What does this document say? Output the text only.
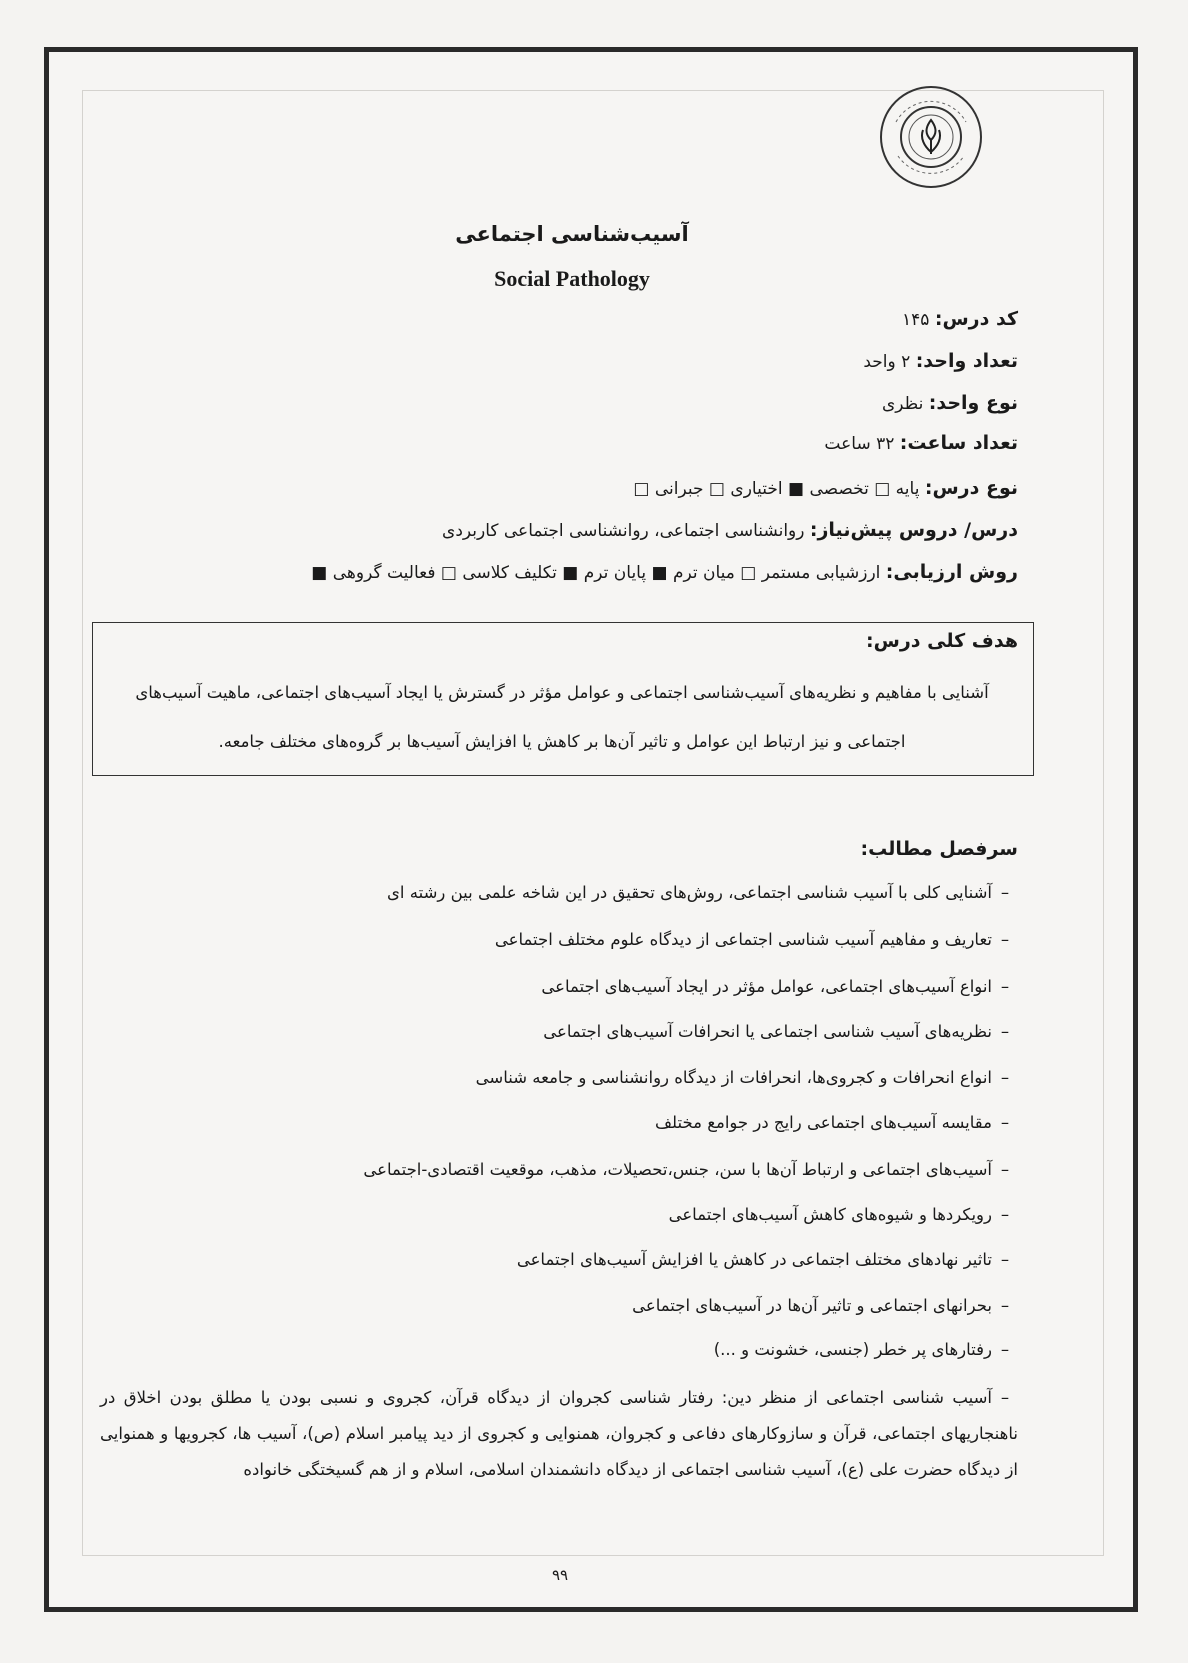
آسیب‌شناسی اجتماعی
Social Pathology
کد درس: ۱۴۵
تعداد واحد: ۲ واحد
نوع واحد: نظری
تعداد ساعت: ۳۲ ساعت
نوع درس: پایه □ تخصصی ■ اختیاری □ جبرانی □
درس/ دروس پیش‌نیاز: روانشناسی اجتماعی، روانشناسی اجتماعی کاربردی
روش ارزیابی: ارزشیابی مستمر □ میان ترم ■ پایان ترم ■ تکلیف کلاسی □ فعالیت گروهی ■
هدف کلی درس:
آشنایی با مفاهیم و نظریه‌های آسیب‌شناسی اجتماعی و عوامل مؤثر در گسترش یا ایجاد آسیب‌های اجتماعی، ماهیت آسیب‌های اجتماعی و نیز ارتباط این عوامل و تاثیر آن‌ها بر کاهش یا افزایش آسیب‌ها بر گروه‌های مختلف جامعه.
سرفصل مطالب:
–آشنایی کلی با آسیب شناسی اجتماعی، روش‌های تحقیق در این شاخه علمی بین رشته ای
–تعاریف و مفاهیم آسیب شناسی اجتماعی از دیدگاه علوم مختلف اجتماعی
–انواع آسیب‌های اجتماعی، عوامل مؤثر در ایجاد آسیب‌های اجتماعی
–نظریه‌های آسیب شناسی اجتماعی یا انحرافات آسیب‌های اجتماعی
–انواع انحرافات و کجروی‌ها، انحرافات از دیدگاه روانشناسی و جامعه شناسی
–مقایسه آسیب‌های اجتماعی رایج در جوامع مختلف
–آسیب‌های اجتماعی و ارتباط آن‌ها با سن، جنس،تحصیلات، مذهب، موقعیت اقتصادی-اجتماعی
–رویکردها و شیوه‌های کاهش آسیب‌های اجتماعی
–تاثیر نهادهای مختلف اجتماعی در کاهش یا افزایش آسیب‌های اجتماعی
–بحرانهای اجتماعی و تاثیر آن‌ها در آسیب‌های اجتماعی
–رفتارهای پر خطر (جنسی، خشونت و ...)
–آسیب شناسی اجتماعی از منظر دین: رفتار شناسی کجروان از دیدگاه قرآن، کجروی و نسبی بودن یا مطلق بودن اخلاق در ناهنجاریهای اجتماعی، قرآن و سازوکارهای دفاعی و کجروان، همنوایی و کجروی از دید پیامبر اسلام (ص)، آسیب ها، کجرویها و همنوایی از دیدگاه حضرت علی (ع)، آسیب شناسی اجتماعی از دیدگاه دانشمندان اسلامی، اسلام و از هم گسیختگی خانواده
۹۹
